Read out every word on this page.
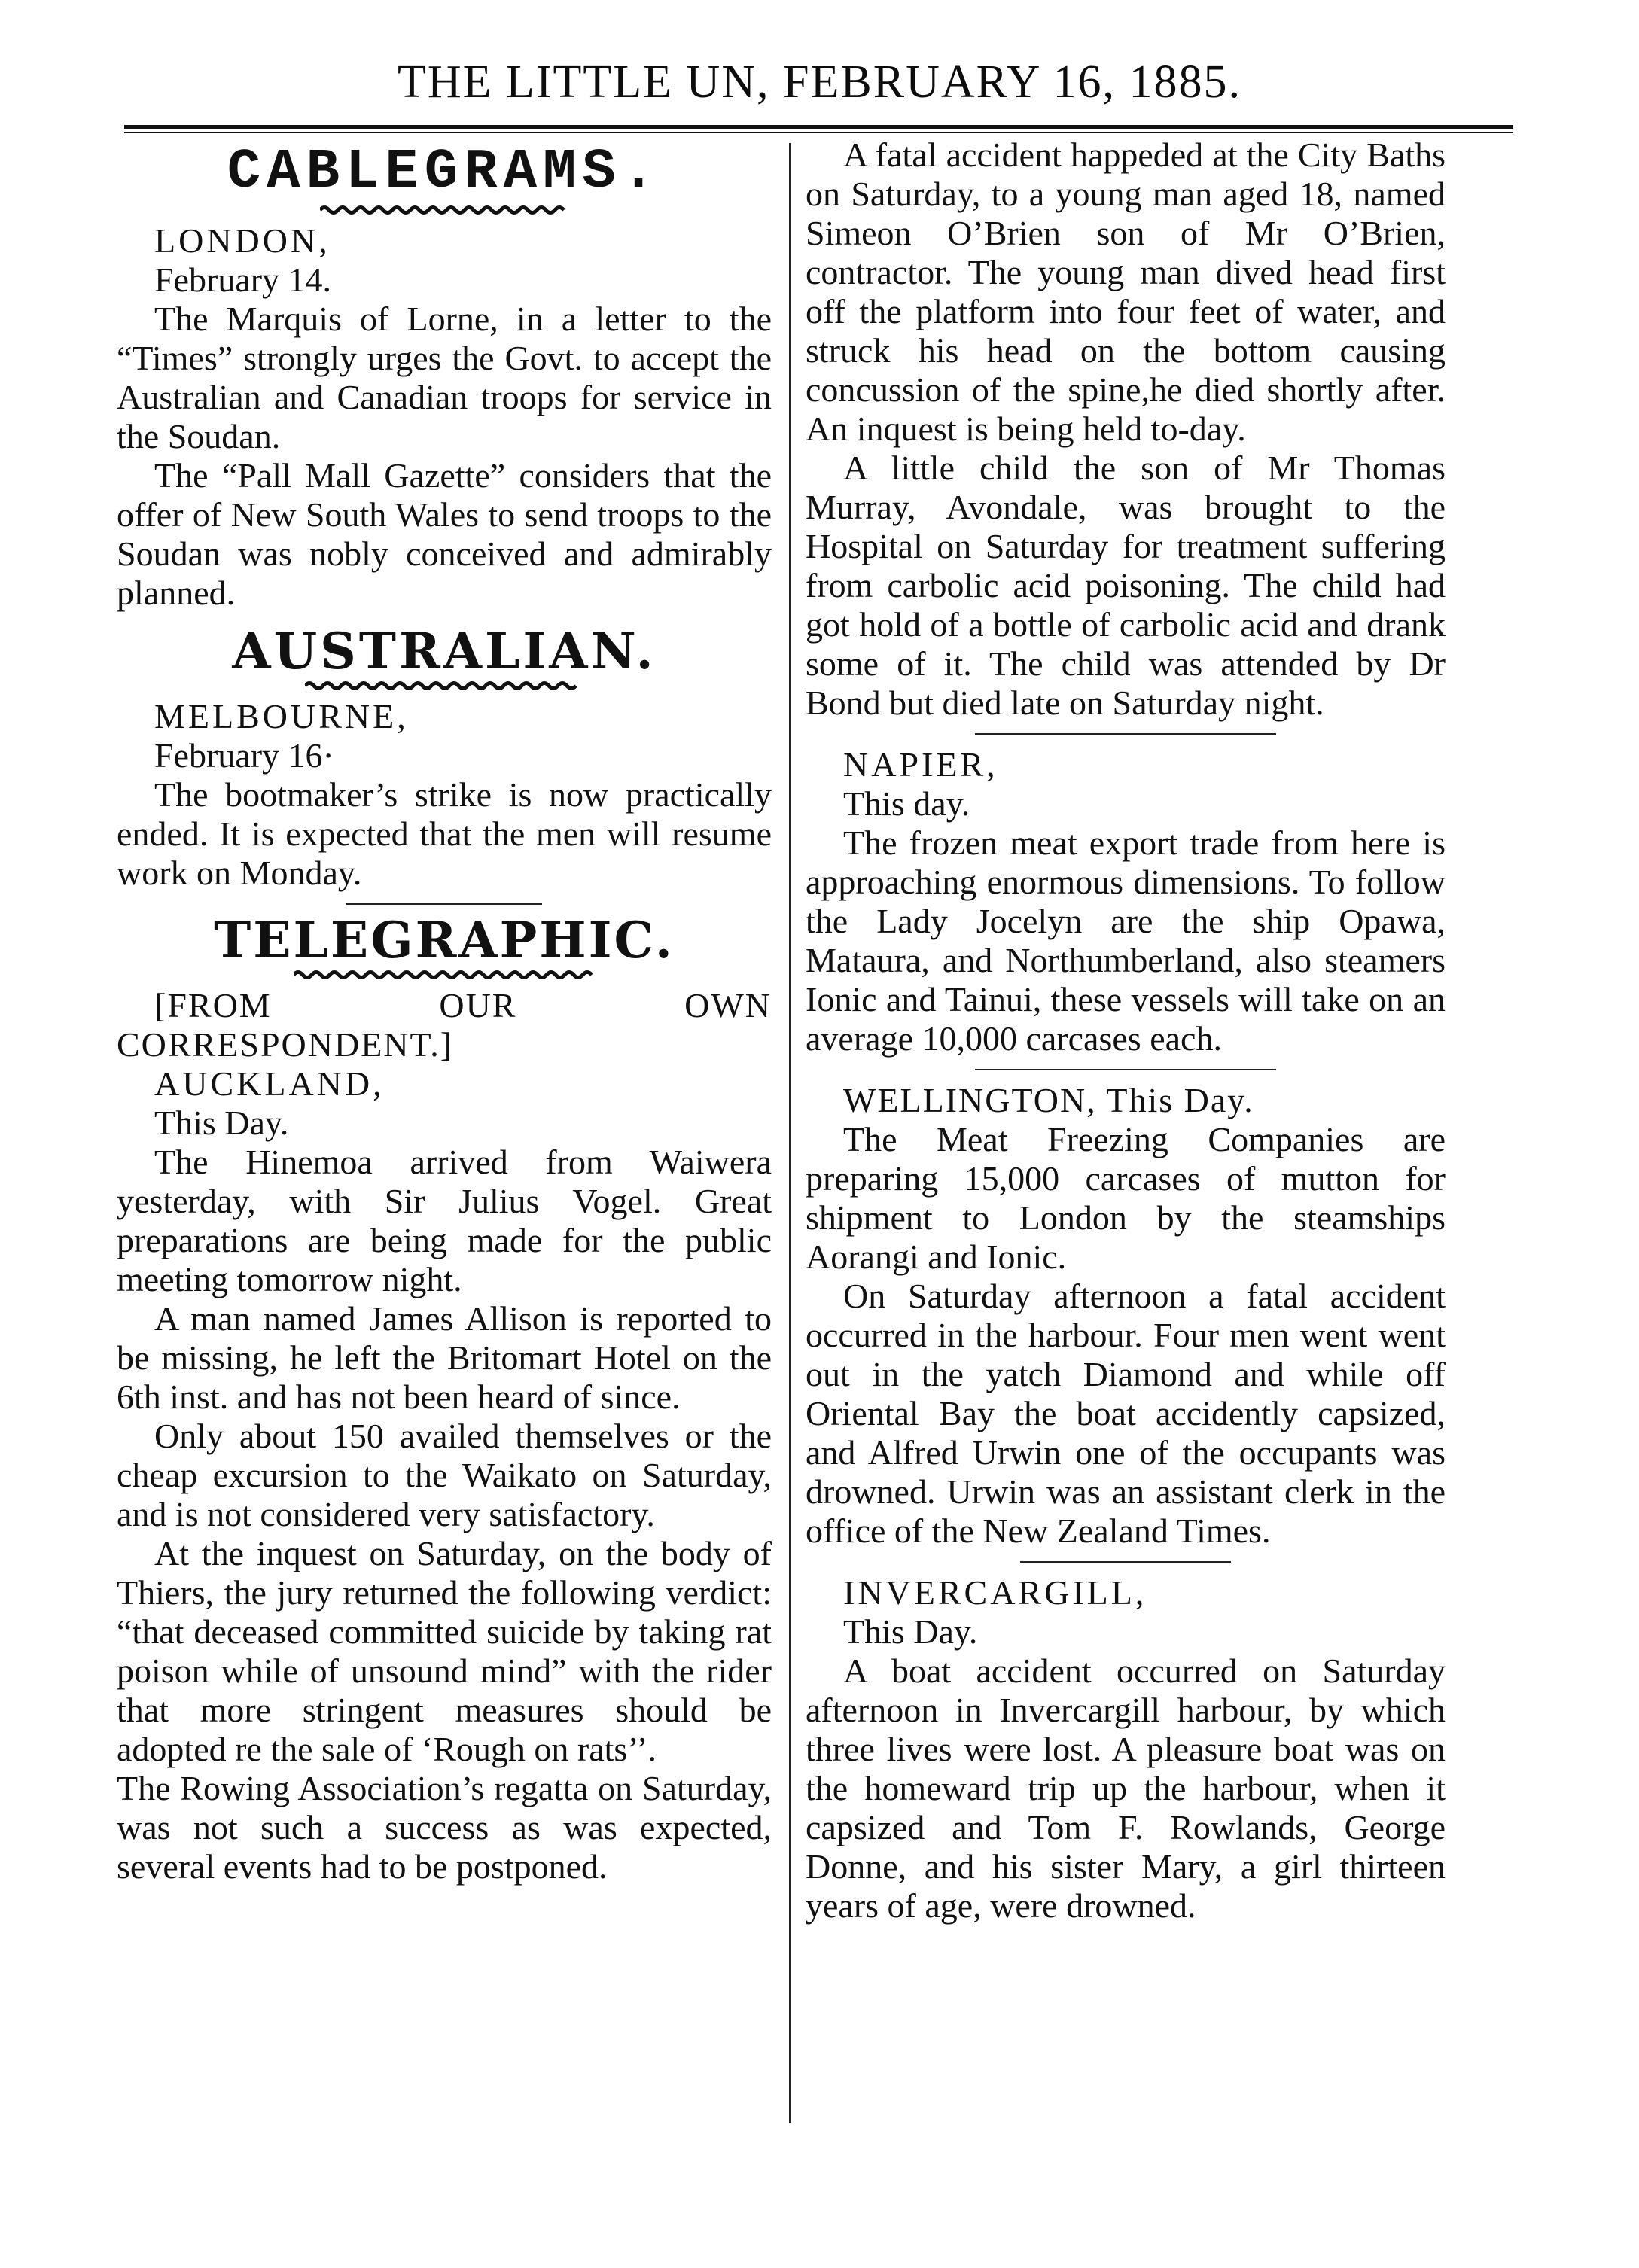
THE LITTLE UN, FEBRUARY 16, 1885.
CABLEGRAMS.

LONDON,

February 14.

The Marquis of Lorne, in a letter to the “Times” strongly urges the Govt. to accept the Australian and Canadian troops for service in the Soudan.

The “Pall Mall Gazette” considers that the offer of New South Wales to send troops to the Soudan was nobly conceived and admirably planned.

AUSTRALIAN.

MELBOURNE,

February 16·

The bootmaker’s strike is now practically ended. It is expected that the men will resume work on Monday.

TELEGRAPHIC.

[FROM OUR OWN CORRESPONDENT.]

AUCKLAND,

This Day.

The Hinemoa arrived from Waiwera yesterday, with Sir Julius Vogel. Great preparations are being made for the public meeting tomorrow night.

A man named James Allison is reported to be missing, he left the Britomart Hotel on the 6th inst. and has not been heard of since.

Only about 150 availed themselves or the cheap excursion to the Waikato on Saturday, and is not considered very satisfactory.

At the inquest on Saturday, on the body of Thiers, the jury returned the following verdict: “that deceased committed suicide by taking rat poison while of unsound mind” with the rider that more stringent measures should be adopted re the sale of ‘Rough on rats’’.

The Rowing Association’s regatta on Saturday, was not such a success as was expected, several events had to be postponed.

A fatal accident happeded at the City Baths on Saturday, to a young man aged 18, named Simeon O’Brien son of Mr O’Brien, contractor. The young man dived head first off the platform into four feet of water, and struck his head on the bottom causing concussion of the spine,he died shortly after. An inquest is being held to-day.

A little child the son of Mr Thomas Murray, Avondale, was brought to the Hospital on Saturday for treatment suffering from carbolic acid poisoning. The child had got hold of a bottle of carbolic acid and drank some of it. The child was attended by Dr Bond but died late on Saturday night.

NAPIER,

This day.

The frozen meat export trade from here is approaching enormous dimensions. To follow the Lady Jocelyn are the ship Opawa, Mataura, and Northumberland, also steamers Ionic and Tainui, these vessels will take on an average 10,000 carcases each.

WELLINGTON, This Day.

The Meat Freezing Companies are preparing 15,000 carcases of mutton for shipment to London by the steamships Aorangi and Ionic.

On Saturday afternoon a fatal accident occurred in the harbour. Four men went went out in the yatch Diamond and while off Oriental Bay the boat accidently capsized, and Alfred Urwin one of the occupants was drowned. Urwin was an assistant clerk in the office of the New Zealand Times.

INVERCARGILL,

This Day.

A boat accident occurred on Saturday afternoon in Invercargill harbour, by which three lives were lost. A pleasure boat was on the homeward trip up the harbour, when it capsized and Tom F. Rowlands, George Donne, and his sister Mary, a girl thirteen years of age, were drowned.
